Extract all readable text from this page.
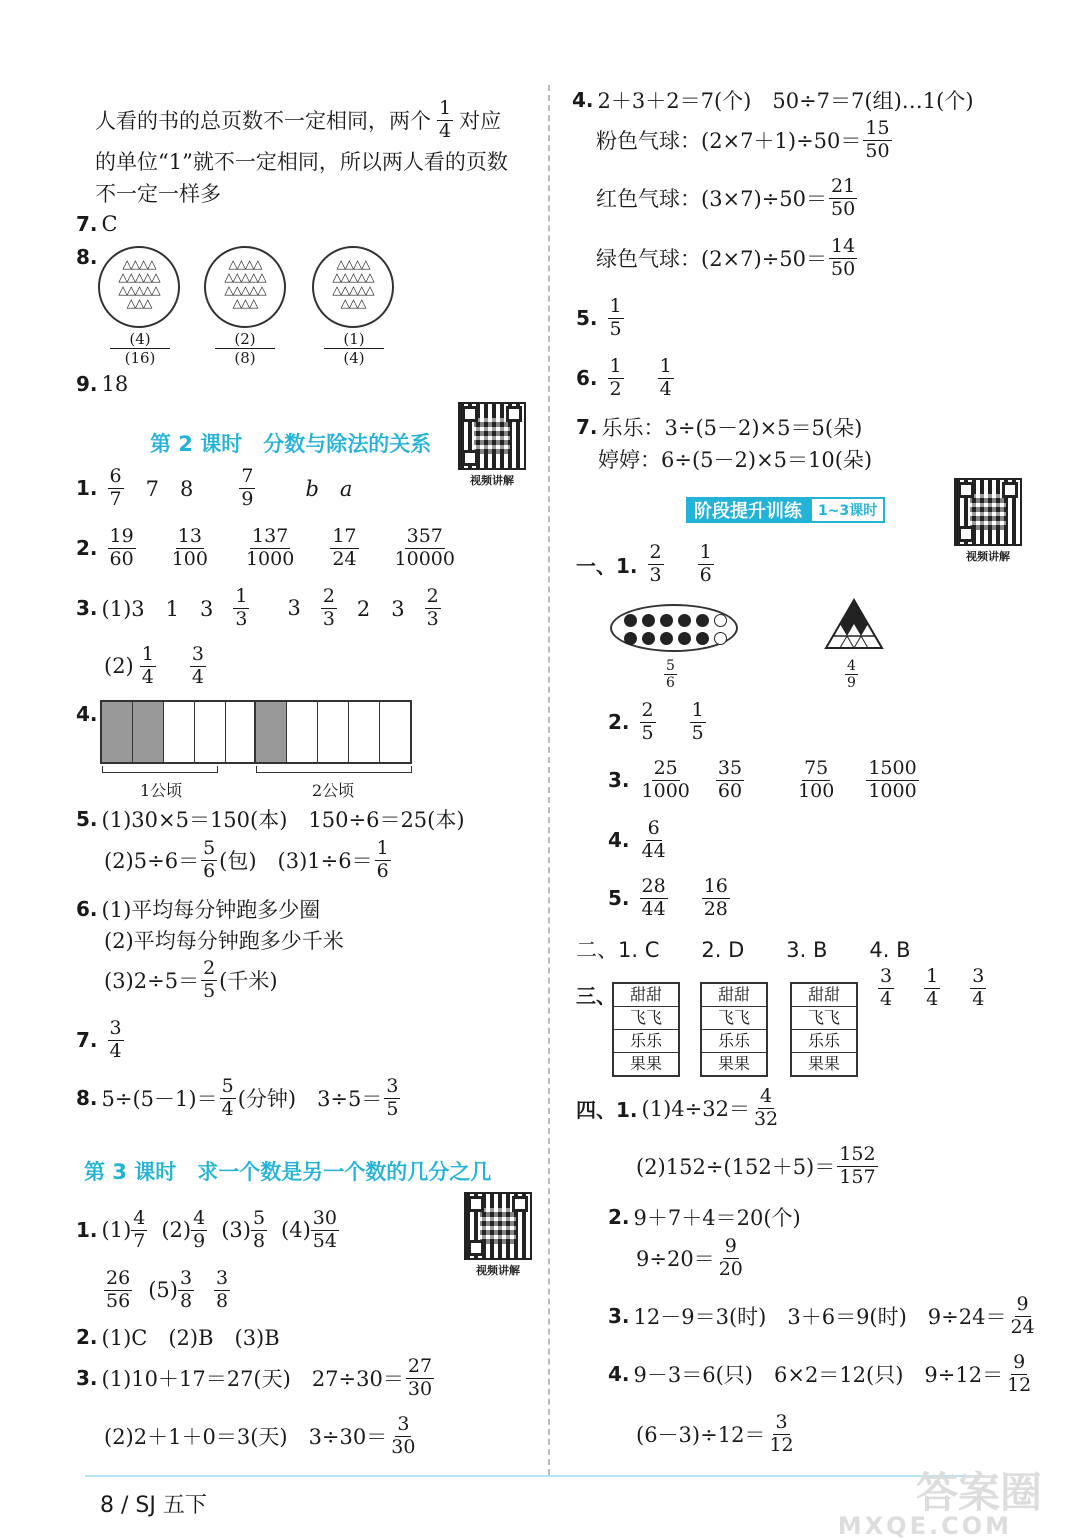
人看的书的总页数不一定相同，两个 $\frac{1}{4}$ 对应
的单位“1”就不一定相同，所以两人看的页数
不一定一样多
7. C
8.	△△△△
△△△△△
△△△△△
△△△
△△△△
△△△△△
△△△△△
△△△
△△△△
△△△△△
△△△△△
△△△
(4)
(16)
(2)
(8)
(1)
(4)
9. 18
第 2 课时　分数与除法的关系
视频讲解
1. $\frac{6}{7} 7$　$8 \frac{7}{9}$ b　a
2. $\frac{19}{60} \frac{13}{100} \frac{137}{1000} \frac{17}{24} \frac{357}{10000}$
3. (1)3　1　$3 \frac{1}{3} 3 \frac{2}{3} 2$　$3 \frac{2}{3}$
$(2) \frac{1}{4} \frac{3}{4}$
4.
1公顷	2公顷
5. (1)30×5＝150(本)　150÷6＝25(本)
$(2)5\div 6= \frac{5}{6}$ (包)　$(3)1\div 6= \frac{1}{6}$
6. (1)平均每分钟跑多少圈
(2)平均每分钟跑多少千米
$(3)2\div 5= \frac{2}{5}$ (千米)
7. $\frac{3}{4}$
8. $5\div(5-1)= \frac{5}{4}$ (分钟)　$3\div 5= \frac{3}{5}$
第 3 课时　求一个数是另一个数的几分之几
视频讲解
1. $(1) \frac{4}{7} (2) \frac{4}{9} (3) \frac{5}{8} (4) \frac{30}{54}$
$\frac{26}{56} (5) \frac{3}{8} \frac{3}{8}$
2. (1)C　(2)B　(3)B
3. (1)10＋17＝27(天)　$27\div 30= \frac{27}{30}$
(2)2＋1＋0＝3(天)　$3\div 30= \frac{3}{30}$
4. 2＋3＋2＝7(个)　50÷7＝7(组)…1(个)
粉色气球：$(2\times 7+1)\div 50= \frac{15}{50}$
红色气球：$(3\times 7)\div 50= \frac{21}{50}$
绿色气球：$(2\times 7)\div 50= \frac{14}{50}$
5. $\frac{1}{5}$
6. $\frac{1}{2} \frac{1}{4}$
7. 乐乐：3÷(5－2)×5＝5(朵)
婷婷：6÷(5－2)×5＝10(朵)
阶段提升训练	1~3课时
视频讲解
一、1. $\frac{2}{3} \frac{1}{6}$
$\frac{5}{6}$	$\frac{4}{9}$
2. $\frac{2}{5} \frac{1}{5}$
3. $\frac{25}{1000} \frac{35}{60}$	$\frac{75}{100} \frac{1500}{1000}$
4. $\frac{6}{44}$
5. $\frac{28}{44} \frac{16}{28}$
二、1. C　　2. D　　3. B　　4. B
三、 甜甜
飞飞
乐乐
果果
甜甜
飞飞
乐乐
果果
甜甜
飞飞
乐乐
果果
$\frac{3}{4} \frac{1}{4} \frac{3}{4}$
四、1. $(1)4\div 32= \frac{4}{32}$
$(2)152\div(152+5)= \frac{152}{157}$
2. 9＋7＋4＝20(个)
$9\div 20= \frac{9}{20}$
3. 12－9＝3(时)　3＋6＝9(时)　$9\div 24= \frac{9}{24}$
4. 9－3＝6(只)　6×2＝12(只)　$9\div 12= \frac{9}{12}$
$(6-3)\div 12= \frac{3}{12}$
8 / SJ 五下	答案圈
MXQE.COM
